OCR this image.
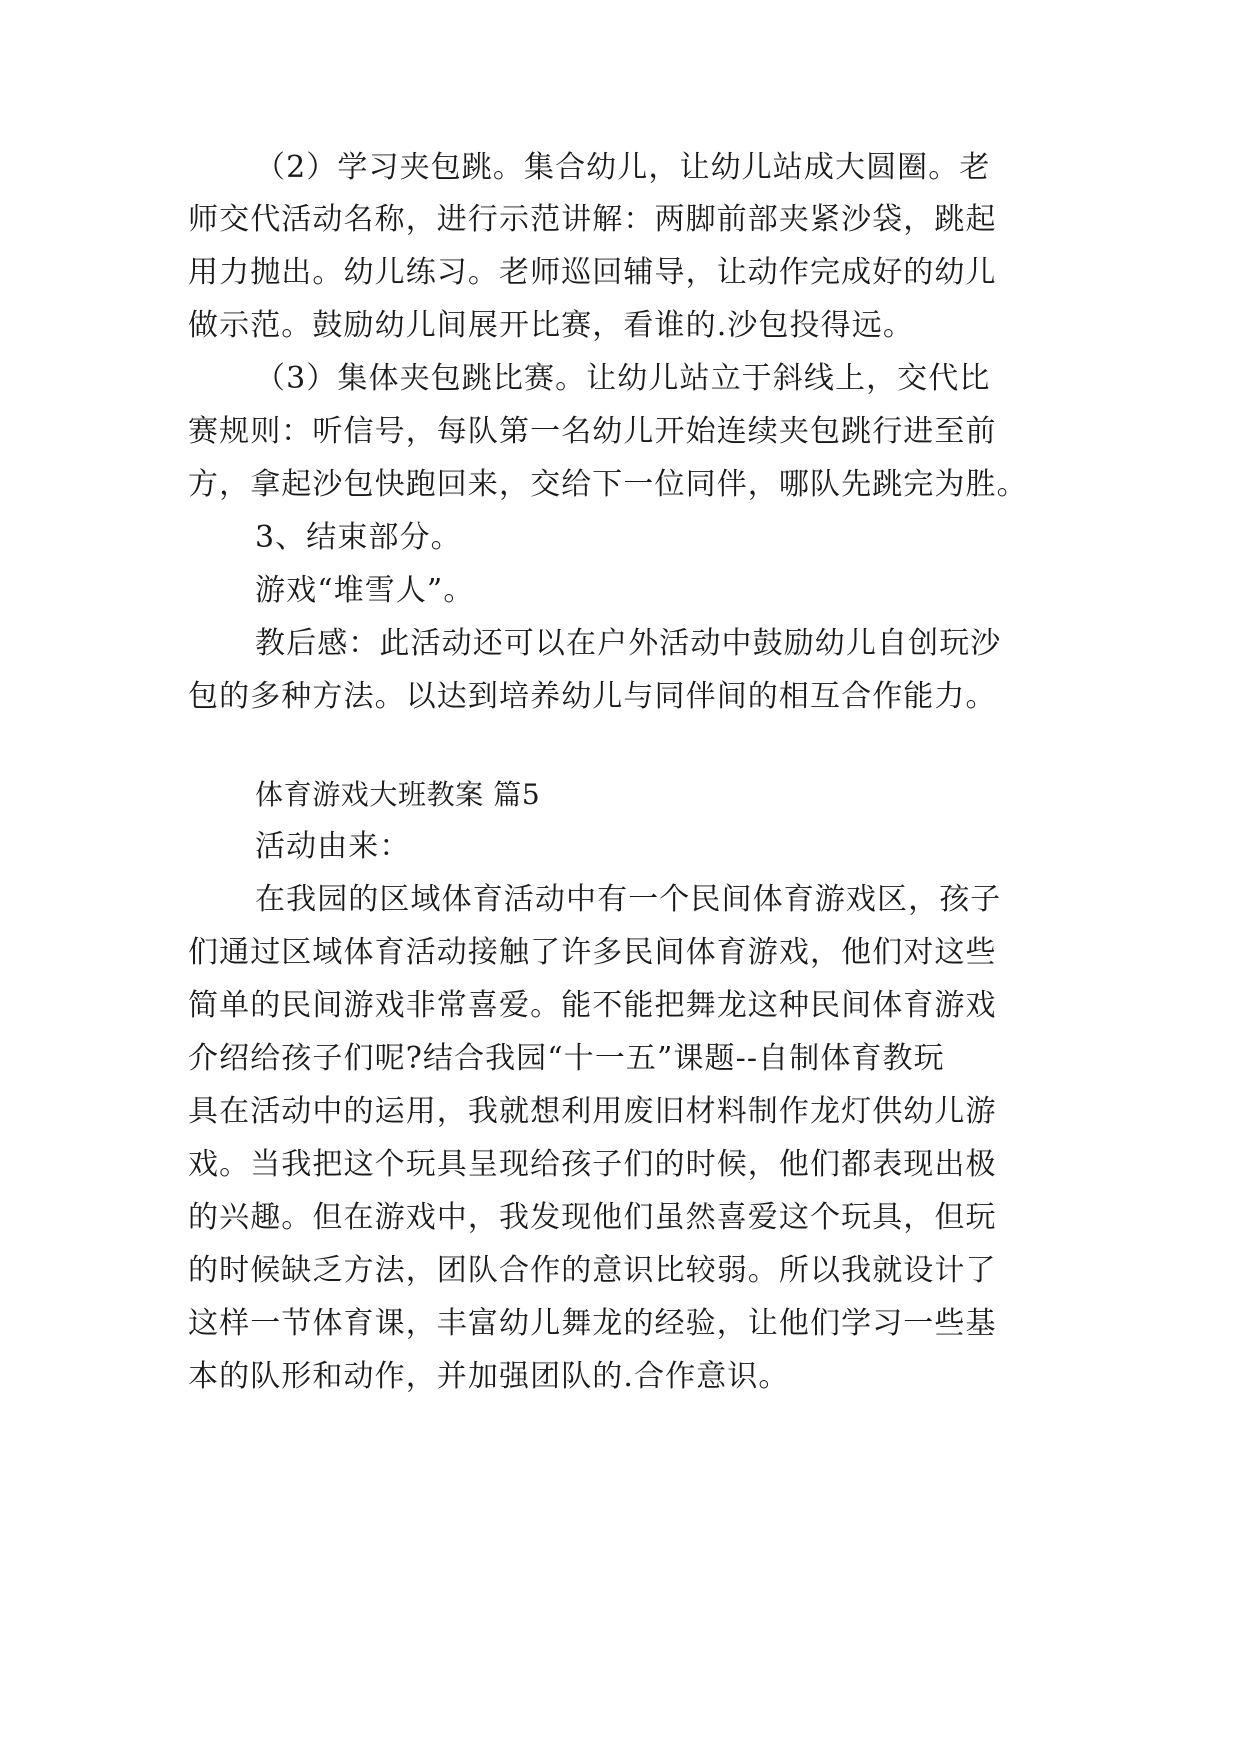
（2）学习夹包跳。集合幼儿，让幼儿站成大圆圈。老
师交代活动名称，进行示范讲解：两脚前部夹紧沙袋，跳起
用力抛出。幼儿练习。老师巡回辅导，让动作完成好的幼儿
做示范。鼓励幼儿间展开比赛，看谁的.沙包投得远。
（3）集体夹包跳比赛。让幼儿站立于斜线上，交代比
赛规则：听信号，每队第一名幼儿开始连续夹包跳行进至前
方，拿起沙包快跑回来，交给下一位同伴，哪队先跳完为胜。
3、结束部分。
游戏“堆雪人”。
教后感：此活动还可以在户外活动中鼓励幼儿自创玩沙
包的多种方法。以达到培养幼儿与同伴间的相互合作能力。
体育游戏大班教案 篇5
活动由来：
在我园的区域体育活动中有一个民间体育游戏区，孩子
们通过区域体育活动接触了许多民间体育游戏，他们对这些
简单的民间游戏非常喜爱。能不能把舞龙这种民间体育游戏
介绍给孩子们呢?结合我园“十一五”课题--自制体育教玩
具在活动中的运用，我就想利用废旧材料制作龙灯供幼儿游
戏。当我把这个玩具呈现给孩子们的时候，他们都表现出极
的兴趣。但在游戏中，我发现他们虽然喜爱这个玩具，但玩
的时候缺乏方法，团队合作的意识比较弱。所以我就设计了
这样一节体育课，丰富幼儿舞龙的经验，让他们学习一些基
本的队形和动作，并加强团队的.合作意识。
